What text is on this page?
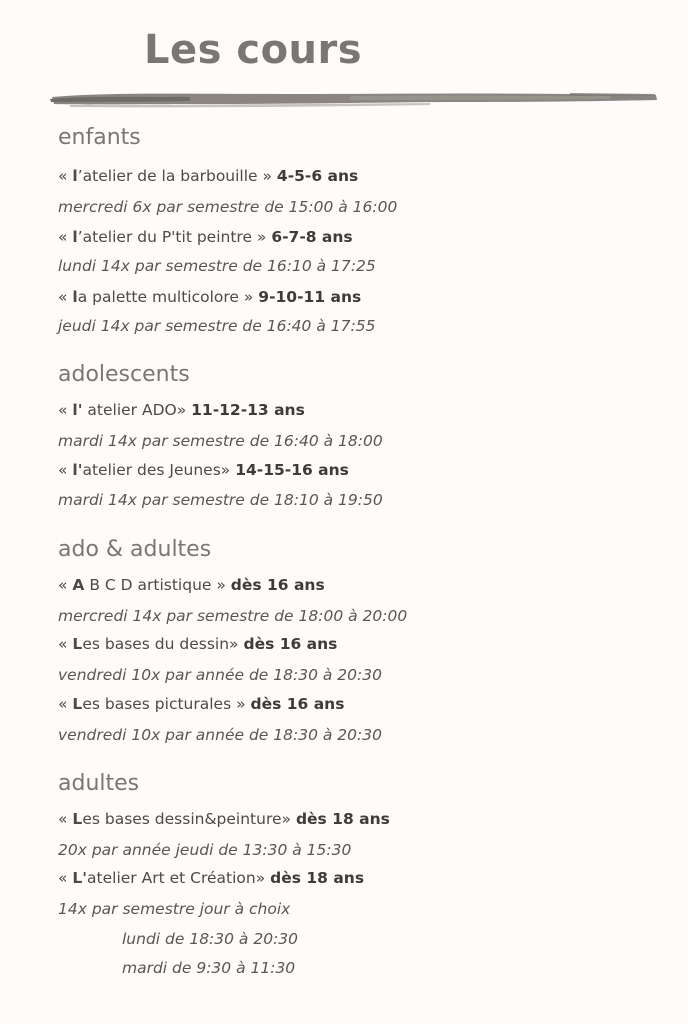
Les cours
enfants
« l’atelier de la barbouille » 4-5-6 ans
mercredi 6x par semestre de 15:00 à 16:00
« l’atelier du P'tit peintre » 6-7-8 ans
lundi 14x par semestre de 16:10 à 17:25
« la palette multicolore » 9-10-11 ans
jeudi 14x par semestre de 16:40 à 17:55
adolescents
« l' atelier ADO» 11-12-13 ans
mardi 14x par semestre de 16:40 à 18:00
« l'atelier des Jeunes» 14-15-16 ans
mardi 14x par semestre de 18:10 à 19:50
ado & adultes
« A B C D artistique » dès 16 ans
mercredi 14x par semestre de 18:00 à 20:00
« Les bases du dessin» dès 16 ans
vendredi 10x par année de 18:30 à 20:30
« Les bases picturales » dès 16 ans
vendredi 10x par année de 18:30 à 20:30
adultes
« Les bases dessin&peinture» dès 18 ans
20x par année jeudi de 13:30 à 15:30
« L'atelier Art et Création» dès 18 ans
14x par semestre jour à choix
lundi de 18:30 à 20:30
mardi de 9:30 à 11:30
